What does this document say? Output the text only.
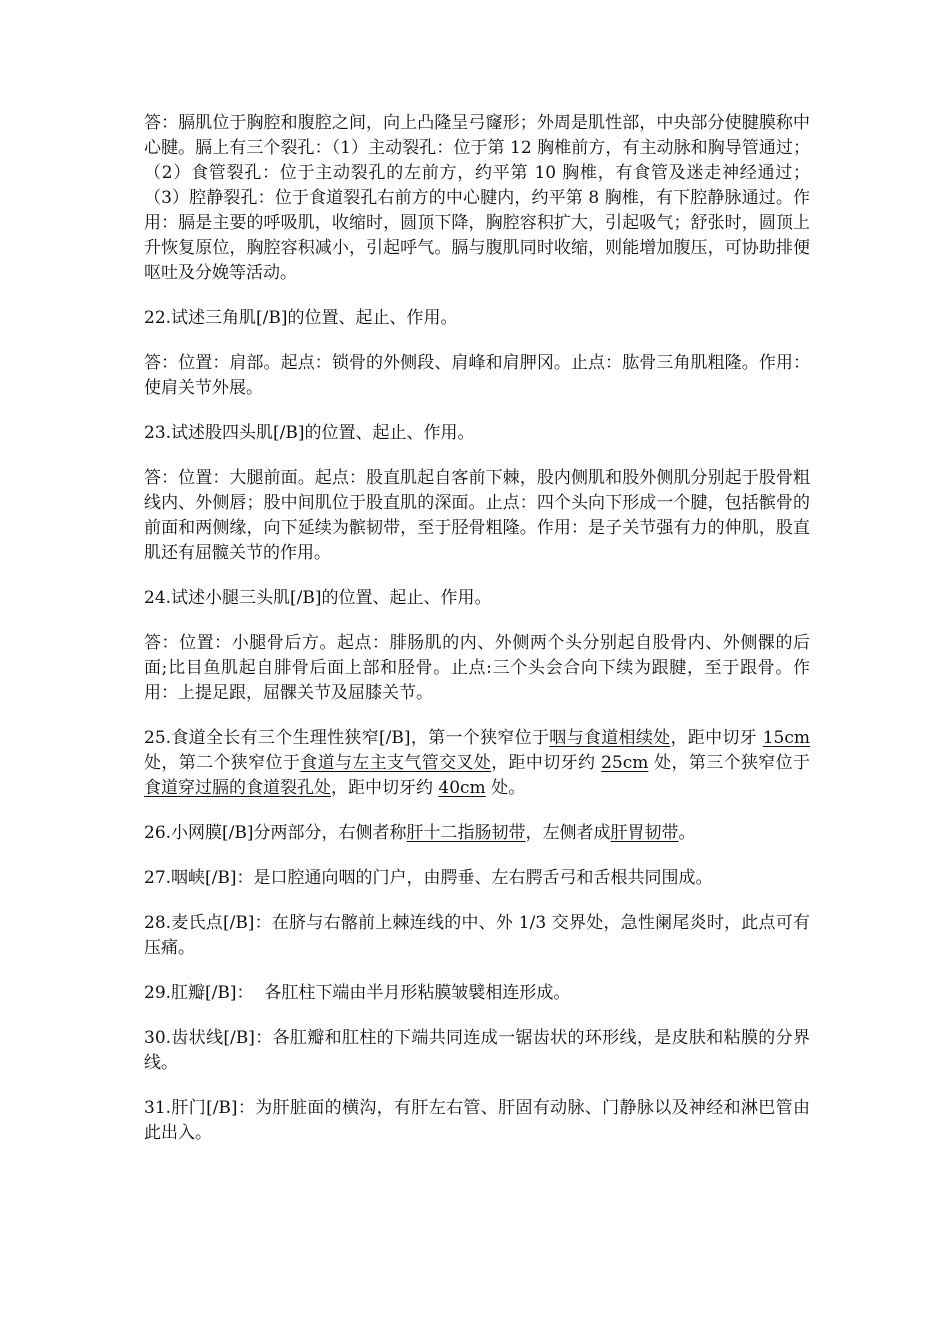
答：膈肌位于胸腔和腹腔之间，向上凸隆呈弓窿形；外周是肌性部，中央部分使腱膜称中心腱。膈上有三个裂孔：（1）主动裂孔：位于第 12 胸椎前方，有主动脉和胸导管通过；（2）食管裂孔：位于主动裂孔的左前方，约平第 10 胸椎，有食管及迷走神经通过；（3）腔静裂孔：位于食道裂孔右前方的中心腱内，约平第 8 胸椎，有下腔静脉通过。作用：膈是主要的呼吸肌，收缩时，圆顶下降，胸腔容积扩大，引起吸气；舒张时，圆顶上升恢复原位，胸腔容积减小，引起呼气。膈与腹肌同时收缩，则能增加腹压，可协助排便呕吐及分娩等活动。

22.试述三角肌[/B]的位置、起止、作用。

答：位置：肩部。起点：锁骨的外侧段、肩峰和肩胛冈。止点：肱骨三角肌粗隆。作用：使肩关节外展。

23.试述股四头肌[/B]的位置、起止、作用。

答：位置：大腿前面。起点：股直肌起自客前下棘，股内侧肌和股外侧肌分别起于股骨粗线内、外侧唇；股中间肌位于股直肌的深面。止点：四个头向下形成一个腱，包括髌骨的前面和两侧缘，向下延续为髌韧带，至于胫骨粗隆。作用：是子关节强有力的伸肌，股直肌还有屈髋关节的作用。

24.试述小腿三头肌[/B]的位置、起止、作用。

答：位置：小腿骨后方。起点：腓肠肌的内、外侧两个头分别起自股骨内、外侧髁的后面;比目鱼肌起自腓骨后面上部和胫骨。止点:三个头会合向下续为跟腱，至于跟骨。作用：上提足跟，屈髁关节及屈膝关节。

25.食道全长有三个生理性狭窄[/B]，第一个狭窄位于咽与食道相续处，距中切牙 15cm 处，第二个狭窄位于食道与左主支气管交叉处，距中切牙约 25cm 处，第三个狭窄位于食道穿过膈的食道裂孔处，距中切牙约 40cm 处。

26.小网膜[/B]分两部分，右侧者称肝十二指肠韧带，左侧者成肝胃韧带。

27.咽峡[/B]：是口腔通向咽的门户，由腭垂、左右腭舌弓和舌根共同围成。

28.麦氏点[/B]：在脐与右髂前上棘连线的中、外 1/3 交界处，急性阑尾炎时，此点可有压痛。

29.肛瓣[/B]：  各肛柱下端由半月形粘膜皱襞相连形成。

30.齿状线[/B]：各肛瓣和肛柱的下端共同连成一锯齿状的环形线，是皮肤和粘膜的分界线。

31.肝门[/B]：为肝脏面的横沟，有肝左右管、肝固有动脉、门静脉以及神经和淋巴管由此出入。
